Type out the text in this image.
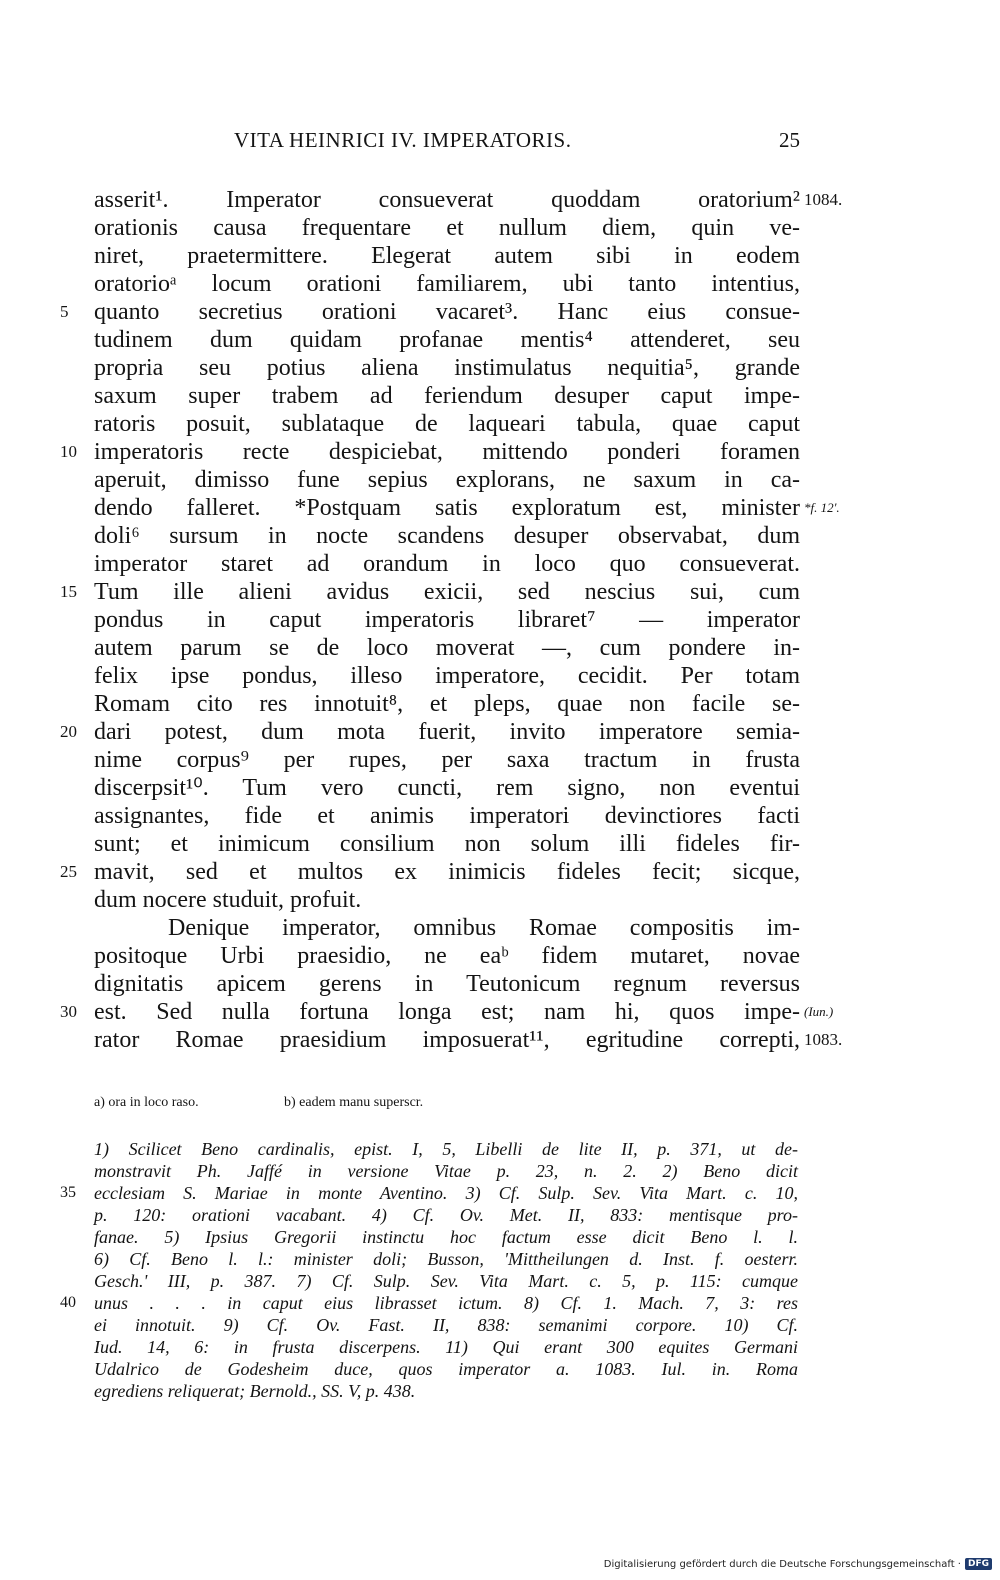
VITA HEINRICI IV. IMPERATORIS.	25
asserit¹. Imperator consueverat quoddam oratorium²
orationis causa frequentare et nullum diem, quin ve-
niret, praetermittere. Elegerat autem sibi in eodem
oratorioᵃ locum orationi familiarem, ubi tanto intentius,
quanto secretius orationi vacaret³. Hanc eius consue-
tudinem dum quidam profanae mentis⁴ attenderet, seu
propria seu potius aliena instimulatus nequitia⁵, grande
saxum super trabem ad feriendum desuper caput impe-
ratoris posuit, sublataque de laqueari tabula, quae caput
imperatoris recte despiciebat, mittendo ponderi foramen
aperuit, dimisso fune sepius explorans, ne saxum in ca-
dendo falleret. *Postquam satis exploratum est, minister
doli⁶ sursum in nocte scandens desuper observabat, dum
imperator staret ad orandum in loco quo consueverat.
Tum ille alieni avidus exicii, sed nescius sui, cum
pondus in caput imperatoris libraret⁷ — imperator
autem parum se de loco moverat —, cum pondere in-
felix ipse pondus, illeso imperatore, cecidit. Per totam
Romam cito res innotuit⁸, et pleps, quae non facile se-
dari potest, dum mota fuerit, invito imperatore semia-
nime corpus⁹ per rupes, per saxa tractum in frusta
discerpsit¹⁰. Tum vero cuncti, rem signo, non eventui
assignantes, fide et animis imperatori devinctiores facti
sunt; et inimicum consilium non solum illi fideles fir-
mavit, sed et multos ex inimicis fideles fecit; sicque,
dum nocere studuit, profuit.
Denique imperator, omnibus Romae compositis im-
positoque Urbi praesidio, ne eaᵇ fidem mutaret, novae
dignitatis apicem gerens in Teutonicum regnum reversus
est. Sed nulla fortuna longa est; nam hi, quos impe-
rator Romae praesidium imposuerat¹¹, egritudine correpti,
5
10
15
20
25
30
1084.
*f. 12'.
(Iun.)
1083.
a) ora in loco raso.	b) eadem manu superscr.
1) Scilicet Beno cardinalis, epist. I, 5, Libelli de lite II, p. 371, ut de-
monstravit Ph. Jaffé in versione Vitae p. 23, n. 2. 2) Beno dicit
ecclesiam S. Mariae in monte Aventino. 3) Cf. Sulp. Sev. Vita Mart. c. 10,
p. 120: orationi vacabant. 4) Cf. Ov. Met. II, 833: mentisque pro-
fanae. 5) Ipsius Gregorii instinctu hoc factum esse dicit Beno l. l.
6) Cf. Beno l. l.: minister doli; Busson, 'Mittheilungen d. Inst. f. oesterr.
Gesch.' III, p. 387. 7) Cf. Sulp. Sev. Vita Mart. c. 5, p. 115: cumque
unus . . . in caput eius librasset ictum. 8) Cf. 1. Mach. 7, 3: res
ei innotuit. 9) Cf. Ov. Fast. II, 838: semanimi corpore. 10) Cf.
Iud. 14, 6: in frusta discerpens. 11) Qui erant 300 equites Germani
Udalrico de Godesheim duce, quos imperator a. 1083. Iul. in. Roma
egrediens reliquerat; Bernold., SS. V, p. 438.
35
40
Digitalisierung gefördert durch die Deutsche Forschungsgemeinschaft · DFG
